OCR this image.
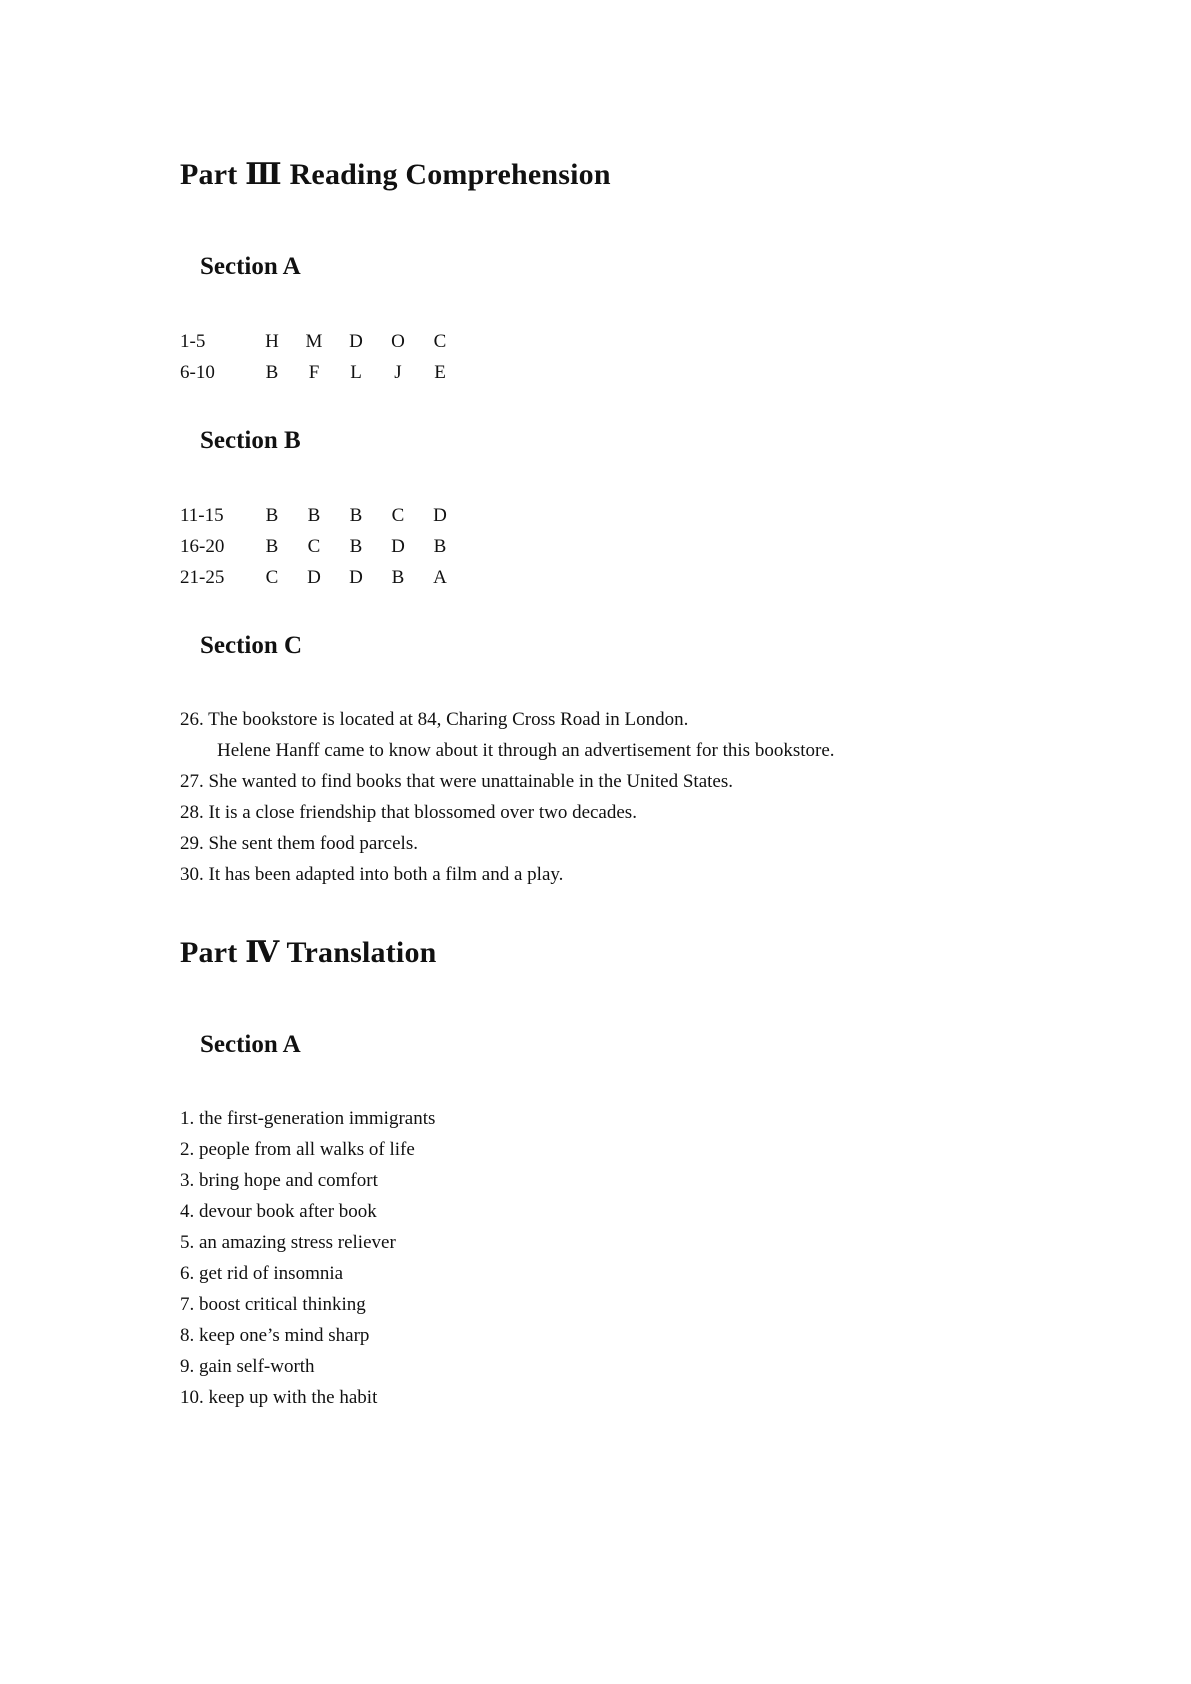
Part Ⅲ Reading Comprehension
Section A
1-5	H M D O C
6-10	B	F	L	J	E
Section B
11-15 B B B C D
16-20 B C B D B
21-25 C D D B A
Section C
26. The bookstore is located at 84, Charing Cross Road in London.
Helene Hanff came to know about it through an advertisement for this bookstore.
27. She wanted to find books that were unattainable in the United States.
28. It is a close friendship that blossomed over two decades.
29. She sent them food parcels.
30. It has been adapted into both a film and a play.
Part Ⅳ Translation
Section A
1. the first-generation immigrants
2. people from all walks of life
3. bring hope and comfort
4. devour book after book
5. an amazing stress reliever
6. get rid of insomnia
7. boost critical thinking
8. keep one’s mind sharp
9. gain self-worth
10. keep up with the habit
